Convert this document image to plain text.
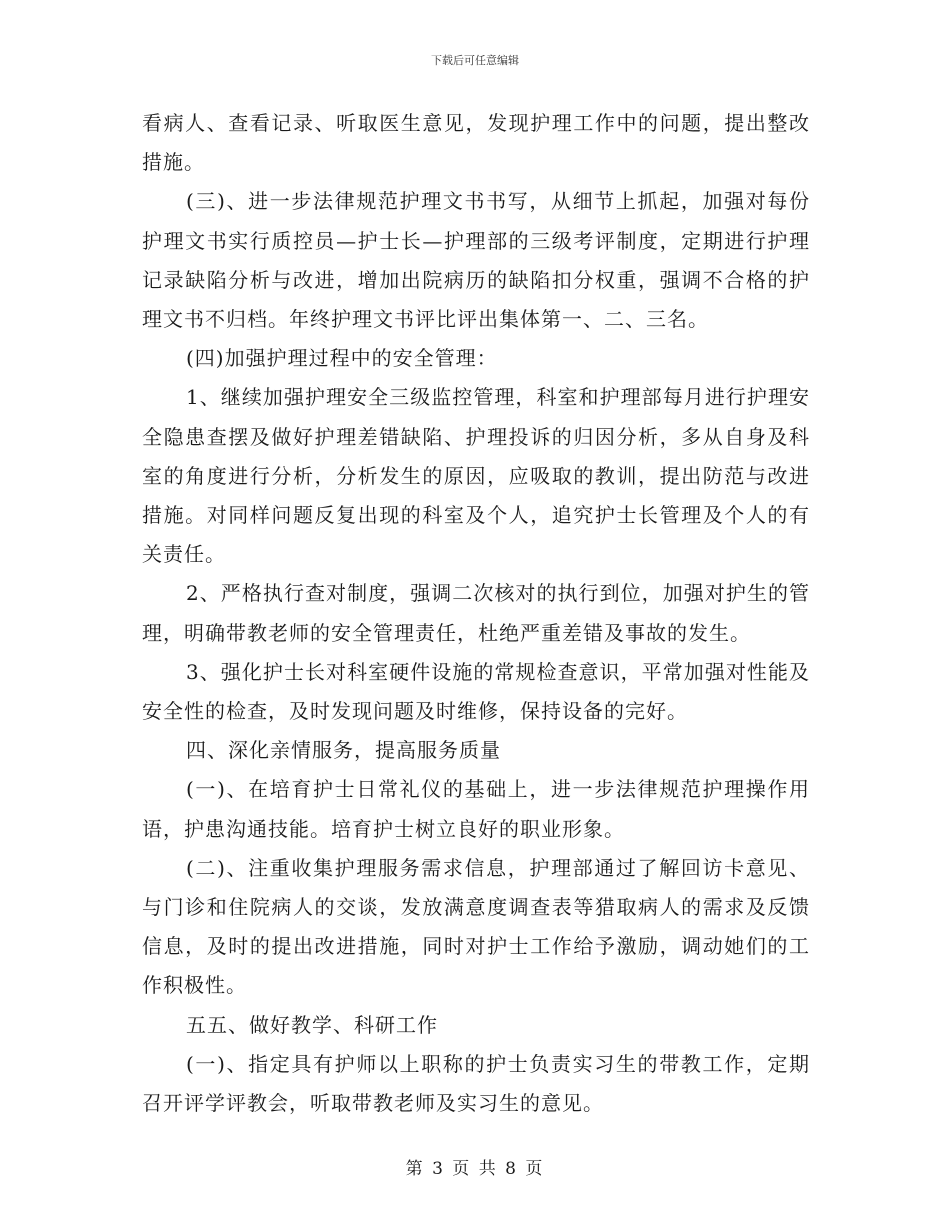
下载后可任意编辑

看病人、查看记录、听取医生意见，发现护理工作中的问题，提出整改措施。

(三)、进一步法律规范护理文书书写，从细节上抓起，加强对每份护理文书实行质控员—护士长—护理部的三级考评制度，定期进行护理记录缺陷分析与改进，增加出院病历的缺陷扣分权重，强调不合格的护理文书不归档。年终护理文书评比评出集体第一、二、三名。

(四)加强护理过程中的安全管理：

1、继续加强护理安全三级监控管理，科室和护理部每月进行护理安全隐患查摆及做好护理差错缺陷、护理投诉的归因分析，多从自身及科室的角度进行分析，分析发生的原因，应吸取的教训，提出防范与改进措施。对同样问题反复出现的科室及个人，追究护士长管理及个人的有关责任。

2、严格执行查对制度，强调二次核对的执行到位，加强对护生的管理，明确带教老师的安全管理责任，杜绝严重差错及事故的发生。

3、强化护士长对科室硬件设施的常规检查意识，平常加强对性能及安全性的检查，及时发现问题及时维修，保持设备的完好。

四、深化亲情服务，提高服务质量

(一)、在培育护士日常礼仪的基础上，进一步法律规范护理操作用语，护患沟通技能。培育护士树立良好的职业形象。

(二)、注重收集护理服务需求信息，护理部通过了解回访卡意见、与门诊和住院病人的交谈，发放满意度调查表等猎取病人的需求及反馈信息，及时的提出改进措施，同时对护士工作给予激励，调动她们的工作积极性。

五五、做好教学、科研工作

(一)、指定具有护师以上职称的护士负责实习生的带教工作，定期召开评学评教会，听取带教老师及实习生的意见。

第 3 页 共 8 页
